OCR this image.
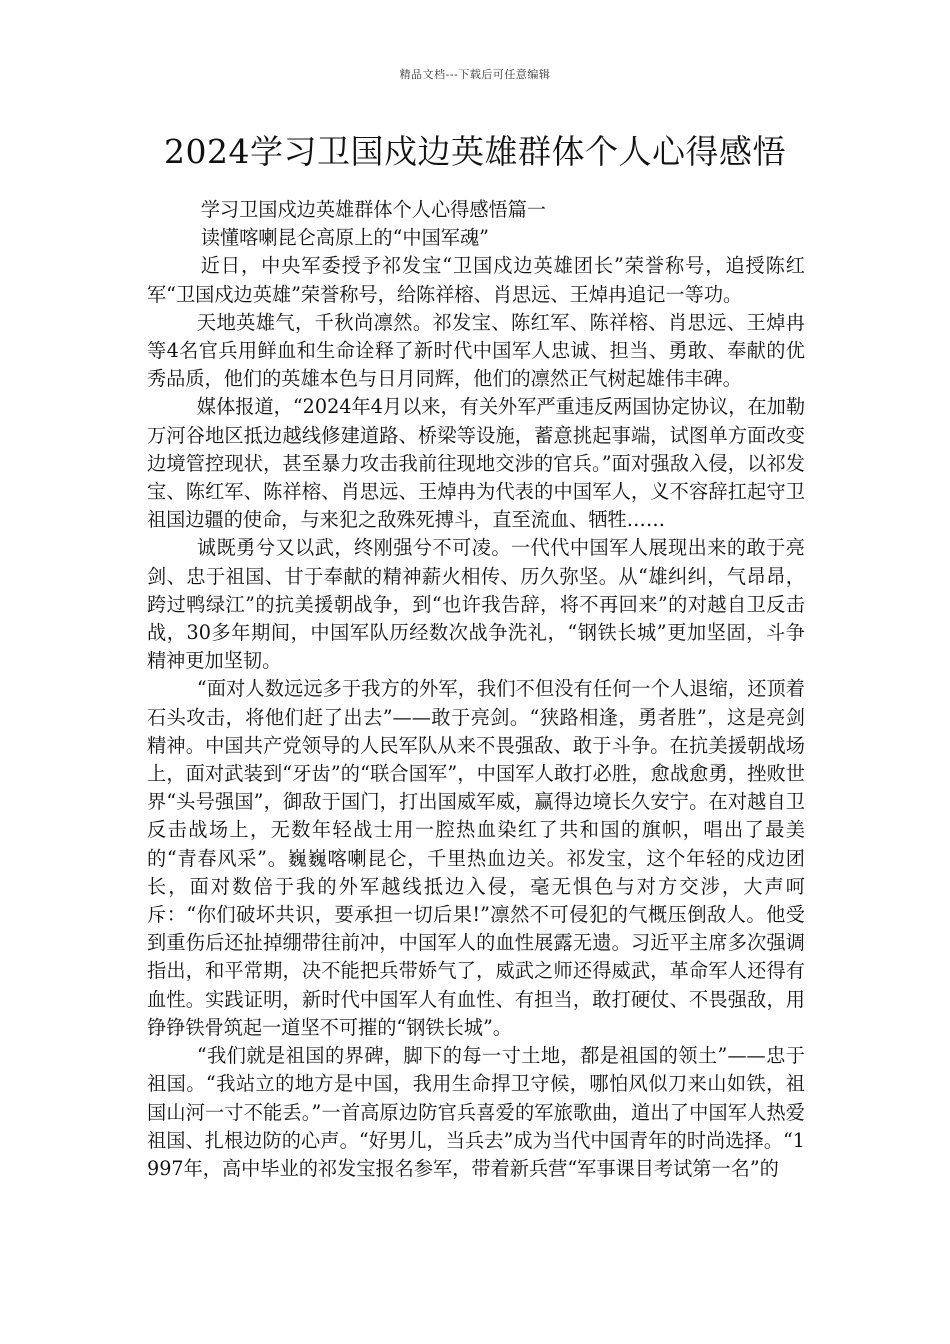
精品文档---下载后可任意编辑
2024学习卫国戍边英雄群体个人心得感悟

学习卫国戍边英雄群体个人心得感悟篇一

读懂喀喇昆仑高原上的“中国军魂”

近日，中央军委授予祁发宝“卫国戍边英雄团长”荣誉称号，追授陈红军“卫国戍边英雄”荣誉称号，给陈祥榕、肖思远、王焯冉追记一等功。

天地英雄气，千秋尚凛然。祁发宝、陈红军、陈祥榕、肖思远、王焯冉等4名官兵用鲜血和生命诠释了新时代中国军人忠诚、担当、勇敢、奉献的优秀品质，他们的英雄本色与日月同辉，他们的凛然正气树起雄伟丰碑。

媒体报道，“2024年4月以来，有关外军严重违反两国协定协议，在加勒万河谷地区抵边越线修建道路、桥梁等设施，蓄意挑起事端，试图单方面改变边境管控现状，甚至暴力攻击我前往现地交涉的官兵。”面对强敌入侵，以祁发宝、陈红军、陈祥榕、肖思远、王焯冉为代表的中国军人，义不容辞扛起守卫祖国边疆的使命，与来犯之敌殊死搏斗，直至流血、牺牲……

诚既勇兮又以武，终刚强兮不可凌。一代代中国军人展现出来的敢于亮剑、忠于祖国、甘于奉献的精神薪火相传、历久弥坚。从“雄纠纠，气昂昂，跨过鸭绿江”的抗美援朝战争，到“也许我告辞，将不再回来”的对越自卫反击战，30多年期间，中国军队历经数次战争洗礼，“钢铁长城”更加坚固，斗争精神更加坚韧。

“面对人数远远多于我方的外军，我们不但没有任何一个人退缩，还顶着石头攻击，将他们赶了出去”——敢于亮剑。“狭路相逢，勇者胜”，这是亮剑精神。中国共产党领导的人民军队从来不畏强敌、敢于斗争。在抗美援朝战场上，面对武装到“牙齿”的“联合国军”，中国军人敢打必胜，愈战愈勇，挫败世界“头号强国”，御敌于国门，打出国威军威，赢得边境长久安宁。在对越自卫反击战场上，无数年轻战士用一腔热血染红了共和国的旗帜，唱出了最美的“青春风采”。巍巍喀喇昆仑，千里热血边关。祁发宝，这个年轻的戍边团长，面对数倍于我的外军越线抵边入侵，毫无惧色与对方交涉，大声呵斥：“你们破坏共识，要承担一切后果!”凛然不可侵犯的气概压倒敌人。他受到重伤后还扯掉绷带往前冲，中国军人的血性展露无遗。习近平主席多次强调指出，和平常期，决不能把兵带娇气了，威武之师还得威武，革命军人还得有血性。实践证明，新时代中国军人有血性、有担当，敢打硬仗、不畏强敌，用铮铮铁骨筑起一道坚不可摧的“钢铁长城”。

“我们就是祖国的界碑，脚下的每一寸土地，都是祖国的领土”——忠于祖国。“我站立的地方是中国，我用生命捍卫守候，哪怕风似刀来山如铁，祖国山河一寸不能丢。”一首高原边防官兵喜爱的军旅歌曲，道出了中国军人热爱祖国、扎根边防的心声。“好男儿，当兵去”成为当代中国青年的时尚选择。“1997年，高中毕业的祁发宝报名参军，带着新兵营“军事课目考试第一名”的
